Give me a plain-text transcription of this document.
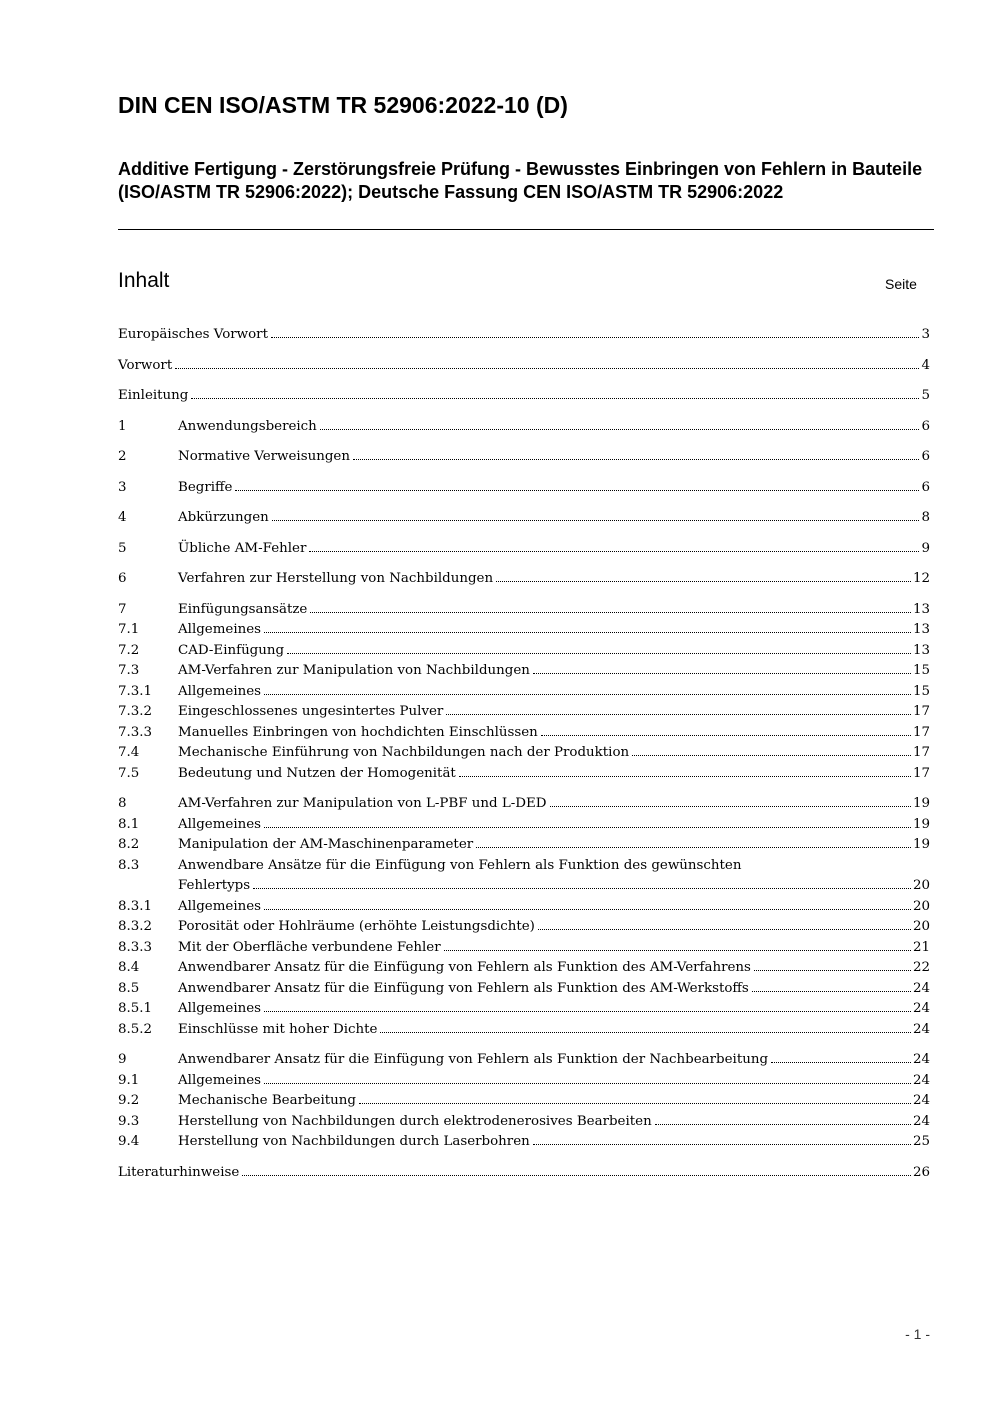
DIN CEN ISO/ASTM TR 52906:2022-10 (D)
Additive Fertigung - Zerstörungsfreie Prüfung - Bewusstes Einbringen von Fehlern in Bauteile (ISO/ASTM TR 52906:2022); Deutsche Fassung CEN ISO/ASTM TR 52906:2022
Inhalt	Seite
Europäisches Vorwort	3
Vorwort	4
Einleitung	5
1	Anwendungsbereich	6
2	Normative Verweisungen	6
3	Begriffe	6
4	Abkürzungen	8
5	Übliche AM-Fehler	9
6	Verfahren zur Herstellung von Nachbildungen	12
7	Einfügungsansätze	13
7.1	Allgemeines	13
7.2	CAD-Einfügung	13
7.3	AM-Verfahren zur Manipulation von Nachbildungen	15
7.3.1	Allgemeines	15
7.3.2	Eingeschlossenes ungesintertes Pulver	17
7.3.3	Manuelles Einbringen von hochdichten Einschlüssen	17
7.4	Mechanische Einführung von Nachbildungen nach der Produktion	17
7.5	Bedeutung und Nutzen der Homogenität	17
8	AM-Verfahren zur Manipulation von L-PBF und L-DED	19
8.1	Allgemeines	19
8.2	Manipulation der AM-Maschinenparameter	19
8.3	Anwendbare Ansätze für die Einfügung von Fehlern als Funktion des gewünschten
Fehlertyps	20
8.3.1	Allgemeines	20
8.3.2	Porosität oder Hohlräume (erhöhte Leistungsdichte)	20
8.3.3	Mit der Oberfläche verbundene Fehler	21
8.4	Anwendbarer Ansatz für die Einfügung von Fehlern als Funktion des AM-Verfahrens	22
8.5	Anwendbarer Ansatz für die Einfügung von Fehlern als Funktion des AM-Werkstoffs	24
8.5.1	Allgemeines	24
8.5.2	Einschlüsse mit hoher Dichte	24
9	Anwendbarer Ansatz für die Einfügung von Fehlern als Funktion der Nachbearbeitung	24
9.1	Allgemeines	24
9.2	Mechanische Bearbeitung	24
9.3	Herstellung von Nachbildungen durch elektrodenerosives Bearbeiten	24
9.4	Herstellung von Nachbildungen durch Laserbohren	25
Literaturhinweise	26
- 1 -
